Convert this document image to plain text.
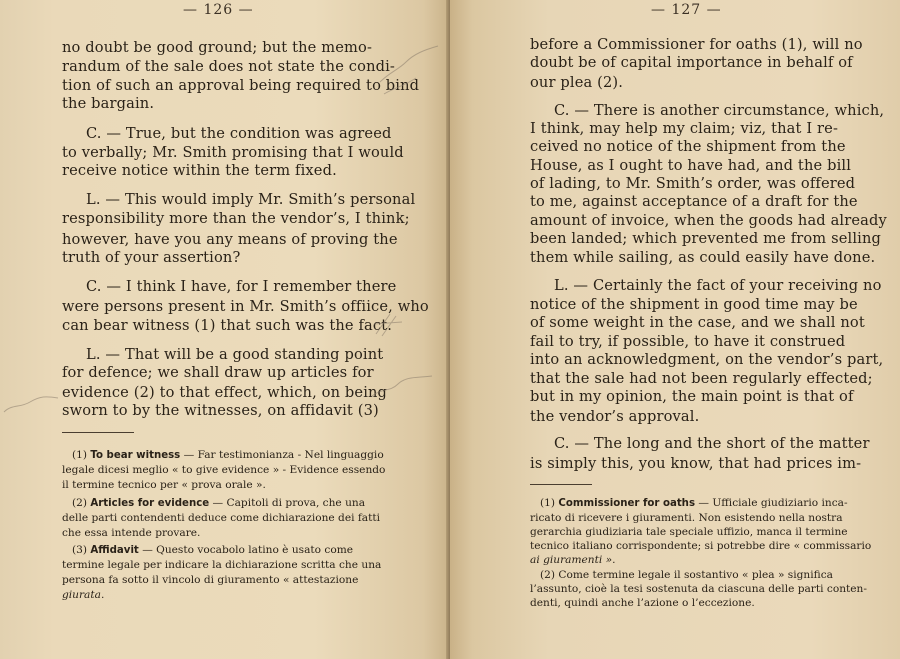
— 126 —
no doubt be good ground; but the memo-
randum of the sale does not state the condi-
tion of such an approval being required to bind
the bargain.
C. — True, but the condition was agreed
to verbally; Mr. Smith promising that I would
receive notice within the term fixed.
L. — This would imply Mr. Smith’s personal
responsibility more than the vendor’s, I think;
however, have you any means of proving the
truth of your assertion?
C. — I think I have, for I remember there
were persons present in Mr. Smith’s offiice, who
can bear witness (1) that such was the fact.
L. — That will be a good standing point
for defence; we shall draw up articles for
evidence (2) to that effect, which, on being
sworn to by the witnesses, on affidavit (3)
(1) To bear witness — Far testimonianza - Nel linguaggio
legale dicesi meglio « to give evidence » - Evidence essendo
il termine tecnico per « prova orale ».
(2) Articles for evidence — Capitoli di prova, che una
delle parti contendenti deduce come dichiarazione dei fatti
che essa intende provare.
(3) Affidavit — Questo vocabolo latino è usato come
termine legale per indicare la dichiarazione scritta che una
persona fa sotto il vincolo di giuramento « attestazione
giurata.
— 127 —
before a Commissioner for oaths (1), will no
doubt be of capital importance in behalf of
our plea (2).
C. — There is another circumstance, which,
I think, may help my claim; viz, that I re-
ceived no notice of the shipment from the
House, as I ought to have had, and the bill
of lading, to Mr. Smith’s order, was offered
to me, against acceptance of a draft for the
amount of invoice, when the goods had already
been landed; which prevented me from selling
them while sailing, as could easily have done.
L. — Certainly the fact of your receiving no
notice of the shipment in good time may be
of some weight in the case, and we shall not
fail to try, if possible, to have it construed
into an acknowledgment, on the vendor’s part,
that the sale had not been regularly effected;
but in my opinion, the main point is that of
the vendor’s approval.
C. — The long and the short of the matter
is simply this, you know, that had prices im-
(1) Commissioner for oaths — Ufficiale giudiziario inca-
ricato di ricevere i giuramenti. Non esistendo nella nostra
gerarchia giudiziaria tale speciale uffizio, manca il termine
tecnico italiano corrispondente; si potrebbe dire « commissario
ai giuramenti ».
(2) Come termine legale il sostantivo « plea » significa
l’assunto, cioè la tesi sostenuta da ciascuna delle parti conten-
denti, quindi anche l’azione o l’eccezione.
